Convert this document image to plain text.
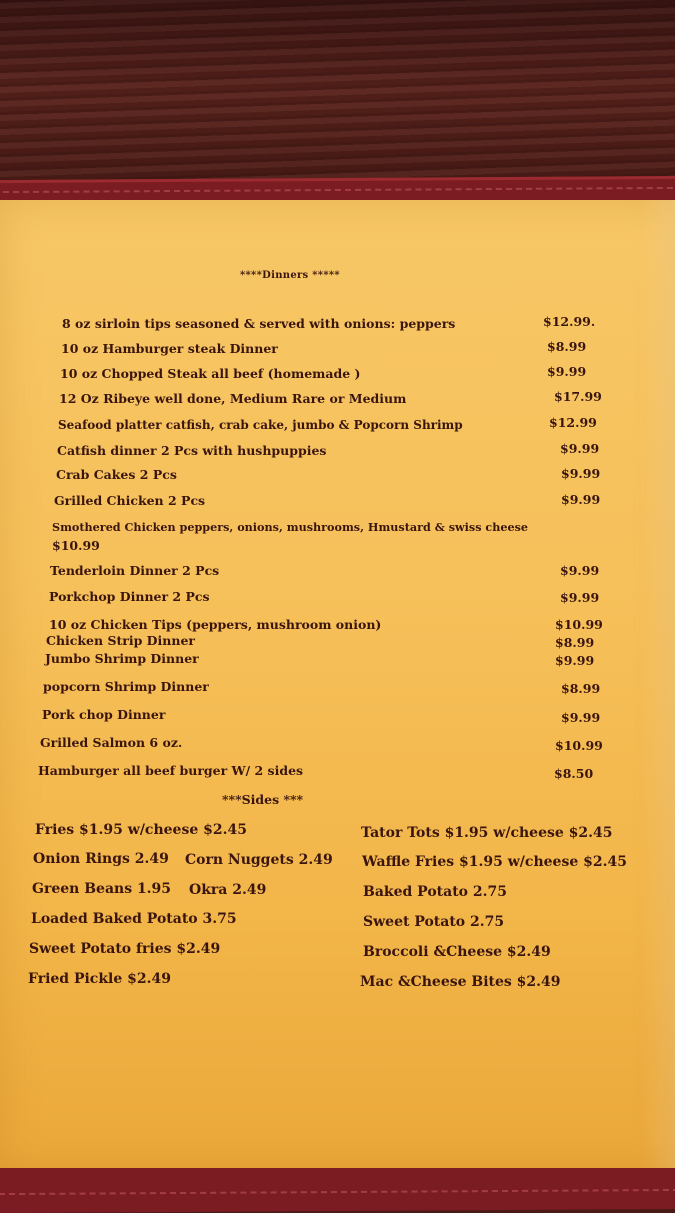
****Dinners *****
8 oz sirloin tips seasoned & served with onions: peppers	$12.99.
10 oz Hamburger steak Dinner	$8.99
10 oz Chopped Steak all beef (homemade )	$9.99
12 Oz Ribeye well done, Medium Rare or Medium	$17.99
Seafood platter catfish, crab cake, jumbo & Popcorn Shrimp	$12.99
Catfish dinner 2 Pcs with hushpuppies	$9.99
Crab Cakes 2 Pcs	$9.99
Grilled Chicken 2 Pcs	$9.99
Smothered Chicken peppers, onions, mushrooms, Hmustard & swiss cheese
$10.99
Tenderloin Dinner 2 Pcs	$9.99
Porkchop Dinner 2 Pcs	$9.99
10 oz Chicken Tips (peppers, mushroom onion)	$10.99
Chicken Strip Dinner	$8.99
Jumbo Shrimp Dinner	$9.99
popcorn Shrimp Dinner	$8.99
Pork chop Dinner	$9.99
Grilled Salmon 6 oz.	$10.99
Hamburger all beef burger W/ 2 sides	$8.50
***Sides ***
Fries $1.95 w/cheese $2.45
Onion Rings 2.49 Corn Nuggets 2.49
Green Beans 1.95 Okra 2.49
Loaded Baked Potato 3.75
Sweet Potato fries $2.49
Fried Pickle $2.49
Tator Tots $1.95 w/cheese $2.45
Waffle Fries $1.95 w/cheese $2.45
Baked Potato 2.75
Sweet Potato 2.75
Broccoli &Cheese $2.49
Mac &Cheese Bites $2.49
